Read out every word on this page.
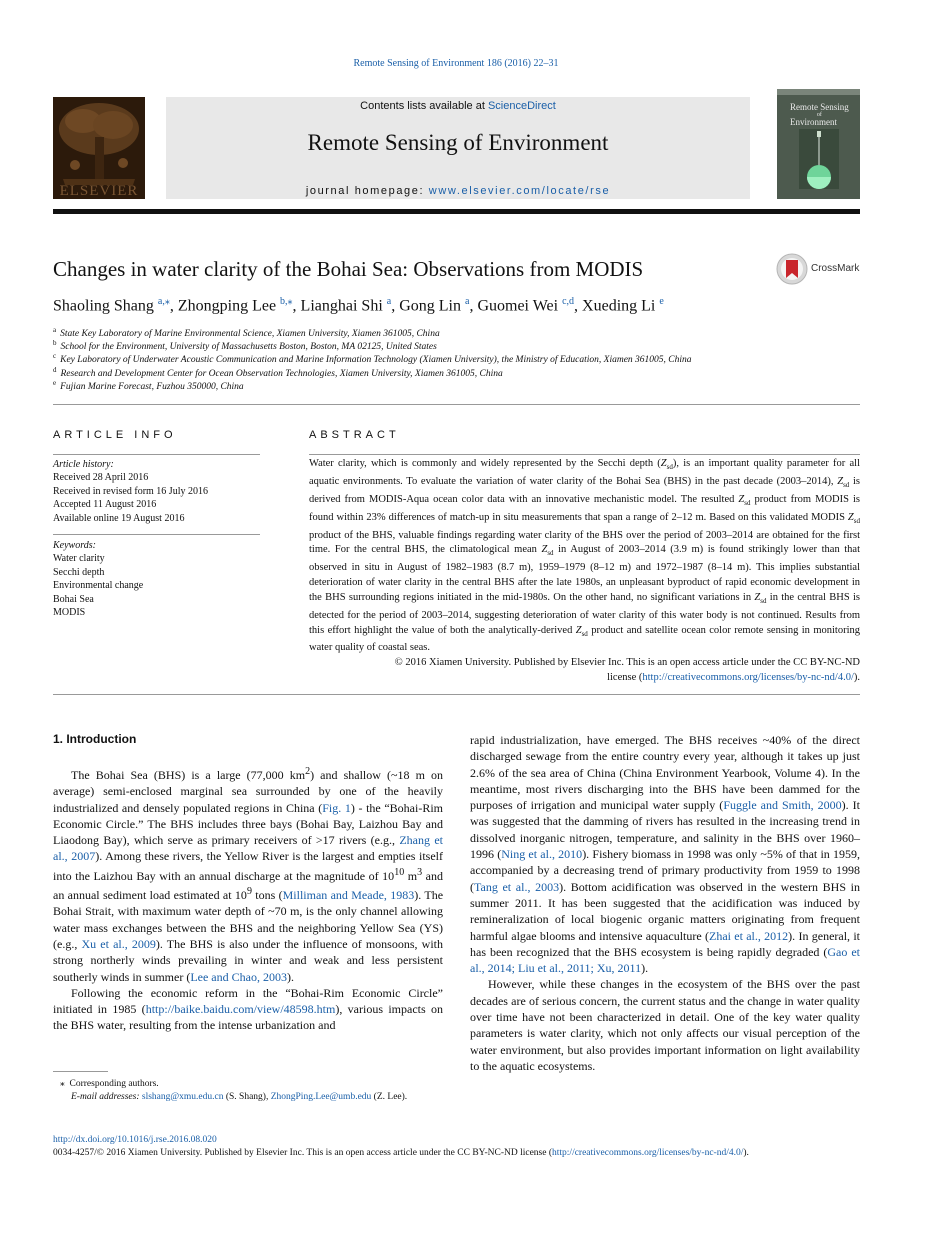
Remote Sensing of Environment 186 (2016) 22–31
ELSEVIER
Contents lists available at ScienceDirect
Remote Sensing of Environment
journal homepage: www.elsevier.com/locate/rse
Remote Sensing
of
Environment
Changes in water clarity of the Bohai Sea: Observations from MODIS	CrossMark
Shaoling Shang $^{a,⁎}$, Zhongping Lee $^{b,⁎}$, Lianghai Shi $^a$, Gong Lin $^a$, Guomei Wei $^{c,d}$, Xueding Li $^e$
$^a$ State Key Laboratory of Marine Environmental Science, Xiamen University, Xiamen 361005, China
$^b$ School for the Environment, University of Massachusetts Boston, Boston, MA 02125, United States
$^c$ Key Laboratory of Underwater Acoustic Communication and Marine Information Technology (Xiamen University), the Ministry of Education, Xiamen 361005, China
$^d$ Research and Development Center for Ocean Observation Technologies, Xiamen University, Xiamen 361005, China
$^e$ Fujian Marine Forecast, Fuzhou 350000, China
ARTICLE INFO
Article history:
Received 28 April 2016
Received in revised form 16 July 2016
Accepted 11 August 2016
Available online 19 August 2016
Keywords:
Water clarity
Secchi depth
Environmental change
Bohai Sea
MODIS
ABSTRACT
Water clarity, which is commonly and widely represented by the Secchi depth $(Z_{sd})$, is an important quality parameter for all aquatic environments. To evaluate the variation of water clarity of the Bohai Sea (BHS) in the past decade (2003–2014), $Z_{sd}$ is derived from MODIS-Aqua ocean color data with an innovative mechanistic model. The resulted $Z_{sd}$ product from MODIS is found within 23% differences of match-up in situ measurements that span a range of 2–12 m. Based on this validated MODIS $Z_{sd}$ product of the BHS, valuable findings regarding water clarity of the BHS over the period of 2003–2014 are obtained for the first time. For the central BHS, the climatological mean $Z_{sd}$ in August of 2003–2014 (3.9 m) is found strikingly lower than that observed in situ in August of 1982–1983 (8.7 m), 1959–1979 (8–12 m) and 1972–1987 (8–14 m). This implies substantial deterioration of water clarity in the central BHS after the late 1980s, an unpleasant byproduct of rapid economic development in the BHS surrounding regions initiated in the mid-1980s. On the other hand, no significant variations in $Z_{sd}$ in the central BHS is detected for the period of 2003–2014, suggesting deterioration of water clarity of this water body is not continued. Results from this effort highlight the value of both the analytically-derived $Z_{sd}$ product and satellite ocean color remote sensing in monitoring water quality of coastal seas.
© 2016 Xiamen University. Published by Elsevier Inc. This is an open access article under the CC BY-NC-ND
license (http://creativecommons.org/licenses/by-nc-nd/4.0/).
1. Introduction

The Bohai Sea (BHS) is a large (77,000 $km^2$) and shallow (~18 m on average) semi-enclosed marginal sea surrounded by one of the heavily industrialized and densely populated regions in China (Fig. 1) - the “Bohai-Rim Economic Circle.” The BHS includes three bays (Bohai Bay, Laizhou Bay and Liaodong Bay), which serve as primary receivers of >17 rivers (e.g., Zhang et al., 2007). Among these rivers, the Yellow River is the largest and empties itself into the Laizhou Bay with an annual discharge at the magnitude of $10^{10}$ $m^3$ and an annual sediment load estimated at $10^9$ tons (Milliman and Meade, 1983). The Bohai Strait, with maximum water depth of ~70 m, is the only channel allowing water mass exchanges between the BHS and the neighboring Yellow Sea (YS) (e.g., Xu et al., 2009). The BHS is also under the influence of monsoons, with strong northerly winds prevailing in winter and weak and less persistent southerly winds in summer (Lee and Chao, 2003).

Following the economic reform in the “Bohai-Rim Economic Circle” initiated in 1985 (http://baike.baidu.com/view/48598.htm), various impacts on the BHS water, resulting from the intense urbanization and

⁎ Corresponding authors.
E-mail addresses: slshang@xmu.edu.cn (S. Shang), ZhongPing.Lee@umb.edu (Z. Lee).

rapid industrialization, have emerged. The BHS receives ~40% of the direct discharged sewage from the entire country every year, although it takes up just 2.6% of the sea area of China (China Environment Yearbook, Volume 4). In the meantime, most rivers discharging into the BHS have been dammed for the purposes of irrigation and municipal water supply (Fuggle and Smith, 2000). It was suggested that the damming of rivers has resulted in the increasing trend in dissolved inorganic nitrogen, temperature, and salinity in the BHS over 1960–1996 (Ning et al., 2010). Fishery biomass in 1998 was only ~5% of that in 1959, accompanied by a decreasing trend of primary productivity from 1959 to 1998 (Tang et al., 2003). Bottom acidification was observed in the western BHS in summer 2011. It has been suggested that the acidification was induced by remineralization of local biogenic organic matters originating from frequent harmful algae blooms and intensive aquaculture (Zhai et al., 2012). In general, it has been recognized that the BHS ecosystem is being rapidly degraded (Gao et al., 2014; Liu et al., 2011; Xu, 2011).

However, while these changes in the ecosystem of the BHS over the past decades are of serious concern, the current status and the change in water quality over time have not been characterized in detail. One of the key water quality parameters is water clarity, which not only affects our visual perception of the water environment, but also provides important information on light availability to the aquatic ecosystems.

http://dx.doi.org/10.1016/j.rse.2016.08.020
0034-4257/© 2016 Xiamen University. Published by Elsevier Inc. This is an open access article under the CC BY-NC-ND license (http://creativecommons.org/licenses/by-nc-nd/4.0/).
